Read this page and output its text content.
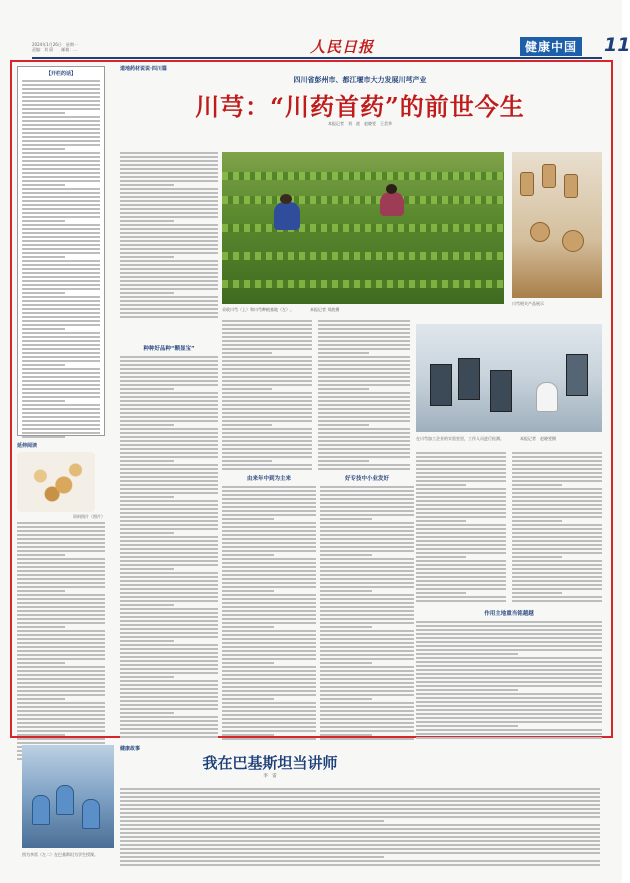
2024年1月26日　星期一
责编：刘 蔚　　邮箱：...	人民日报	健康中国 11
【开栏的话】
延伸阅读
资料图片（图片）
道地药材说说·四川篇
四川省彭州市、都江堰市大力发展川芎产业
川芎：“川药首药”的前世今生
本报记者　刘　波　赵晓雯　王美华
采收川芎（上）和川芎种植基地（左）。　　　　本报记者 刘波摄
川芎相关产品展示
在川芎加工企业的实验室里，工作人员进行检测。　　　　本报记者　赵晓雯摄
种种好品种“颗显宝”
由来年中到为主来	好专技中小业发好
作用主地重当铭越越
健康故事
我在巴基斯坦当讲师
李　雷
图为李雷（左二）在巴基斯坦为学生授课。
